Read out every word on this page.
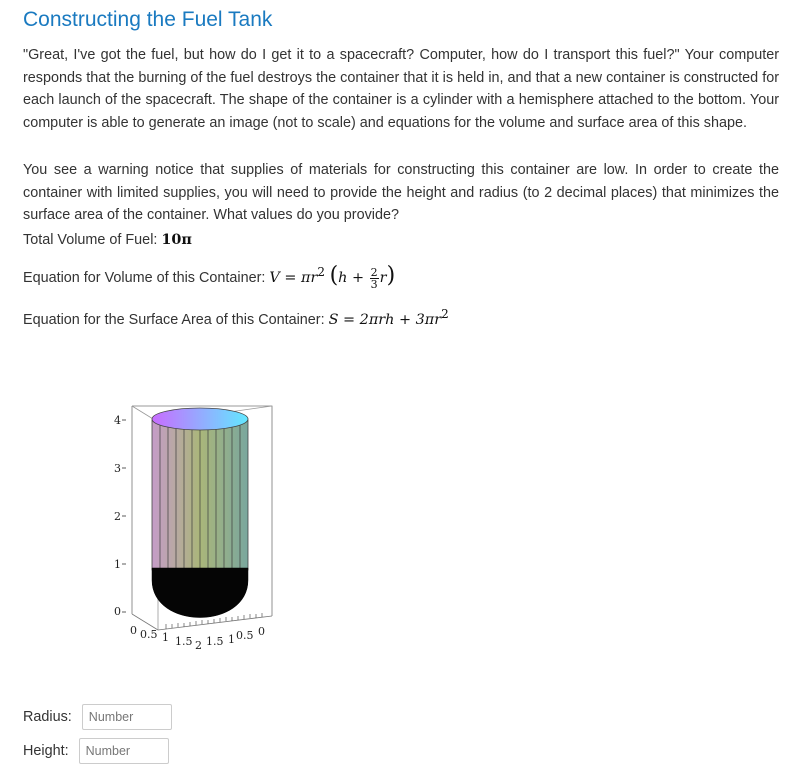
Constructing the Fuel Tank

"Great, I've got the fuel, but how do I get it to a spacecraft? Computer, how do I transport this fuel?" Your computer responds that the burning of the fuel destroys the container that it is held in, and that a new container is constructed for each launch of the spacecraft. The shape of the container is a cylinder with a hemisphere attached to the bottom. Your computer is able to generate an image (not to scale) and equations for the volume and surface area of this shape.

You see a warning notice that supplies of materials for constructing this container are low. In order to create the container with limited supplies, you will need to provide the height and radius (to 2 decimal places) that minimizes the surface area of the container. What values do you provide?

Total Volume of Fuel: 10π
Equation for Volume of this Container: $V = \pi r^2$ $(h + \frac{2}{3} r)$
Equation for the Surface Area of this Container: $S = 2\pi rh + 3\pi r^2$
4
3
2
1
0
0 0.5 1 1.5 2 1.5 1 0.5 0
Radius: Number
Height: Number
